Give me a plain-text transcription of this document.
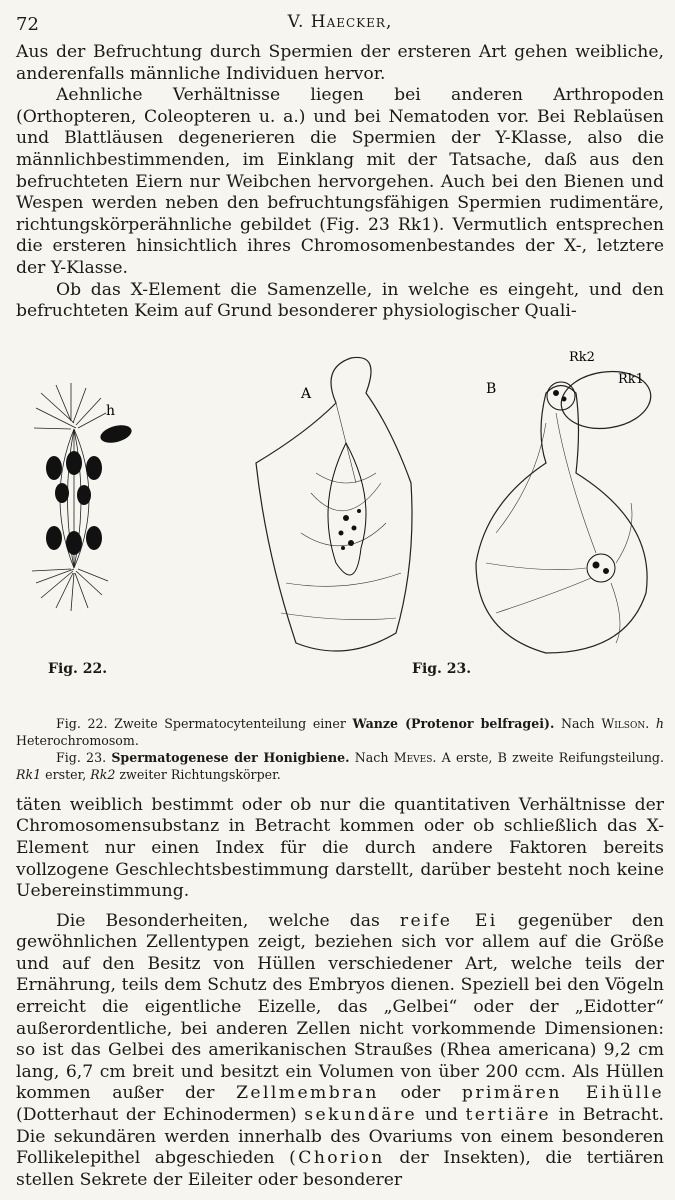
72	V. Haecker,

Aus der Befruchtung durch Spermien der ersteren Art gehen weibliche, anderenfalls männliche Individuen hervor.

Aehnliche Verhältnisse liegen bei anderen Arthropoden (Orthopteren, Coleopteren u. a.) und bei Nematoden vor. Bei Reblaüsen und Blattläusen degenerieren die Spermien der Y-Klasse, also die männlichbestimmenden, im Einklang mit der Tatsache, daß aus den befruchteten Eiern nur Weibchen hervorgehen. Auch bei den Bienen und Wespen werden neben den befruchtungsfähigen Spermien rudimentäre, richtungskörperähnliche gebildet (Fig. 23 Rk1). Vermutlich entsprechen die ersteren hinsichtlich ihres Chromosomenbestandes der X-, letztere der Y-Klasse.

Ob das X-Element die Samenzelle, in welche es eingeht, und den befruchteten Keim auf Grund besonderer physiologischer Quali-

h
A	B
Rk2
Rk1
Fig. 22.	Fig. 23.

Fig. 22. Zweite Spermatocytenteilung einer Wanze (Protenor belfragei). Nach Wilson. h Heterochromosom.

Fig. 23. Spermatogenese der Honigbiene. Nach Meves. A erste, B zweite Reifungsteilung. Rk1 erster, Rk2 zweiter Richtungskörper.

täten weiblich bestimmt oder ob nur die quantitativen Verhältnisse der Chromosomensubstanz in Betracht kommen oder ob schließlich das X-Element nur einen Index für die durch andere Faktoren bereits vollzogene Geschlechtsbestimmung darstellt, darüber besteht noch keine Uebereinstimmung.

Die Besonderheiten, welche das reife Ei gegenüber den gewöhnlichen Zellentypen zeigt, beziehen sich vor allem auf die Größe und auf den Besitz von Hüllen verschiedener Art, welche teils der Ernährung, teils dem Schutz des Embryos dienen. Speziell bei den Vögeln erreicht die eigentliche Eizelle, das „Gelbei“ oder der „Eidotter“ außerordentliche, bei anderen Zellen nicht vorkommende Dimensionen: so ist das Gelbei des amerikanischen Straußes (Rhea americana) 9,2 cm lang, 6,7 cm breit und besitzt ein Volumen von über 200 ccm. Als Hüllen kommen außer der Zellmembran oder primären Eihülle (Dotterhaut der Echinodermen) sekundäre und tertiäre in Betracht. Die sekundären werden innerhalb des Ovariums von einem besonderen Follikelepithel abgeschieden (Chorion der Insekten), die tertiären stellen Sekrete der Eileiter oder besonderer
